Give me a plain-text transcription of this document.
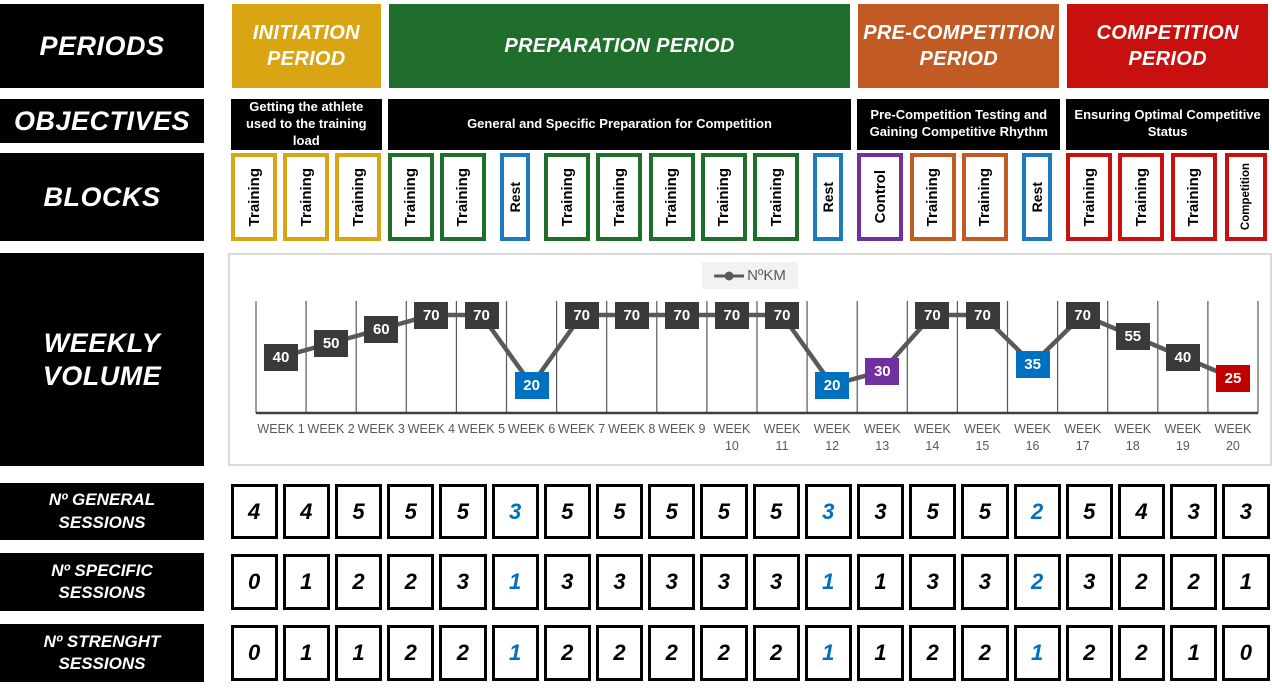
PERIODS
OBJECTIVES
BLOCKS
WEEKLY VOLUME
Nº GENERAL SESSIONS
Nº SPECIFIC SESSIONS
Nº STRENGHT SESSIONS
INITIATION PERIOD
PREPARATION PERIOD
PRE-COMPETITION PERIOD
COMPETITION PERIOD
Getting the athlete used to the training load
General and Specific Preparation for Competition
Pre-Competition Testing and Gaining Competitive Rhythm
Ensuring Optimal Competitive Status
Training Training Training Training Training	Rest Training Training Training Training Training	Rest Control Training Training	Rest Training Training Training	Competition
40
50
60
70	70
20
70	70	70	70	70
20
30
70	70
35
70
55
40
25
WEEK 1 WEEK 2 WEEK 3 WEEK 4 WEEK 5 WEEK 6 WEEK 7 WEEK 8 WEEK 9 WEEK 10
WEEK 11
WEEK 12
WEEK 13
WEEK 14
WEEK 15
WEEK 16
WEEK 17
WEEK 18
WEEK 19
WEEK 20
NºKM
4	4	5	5	5	3	5	5	5	5	5	3	3	5	5	2	5	4	3	3
0	1	2	2	3	1	3	3	3	3	3	1	1	3	3	2	3	2	2	1
0	1	1	2	2	1	2	2	2	2	2	1	1	2	2	1	2	2	1	0
